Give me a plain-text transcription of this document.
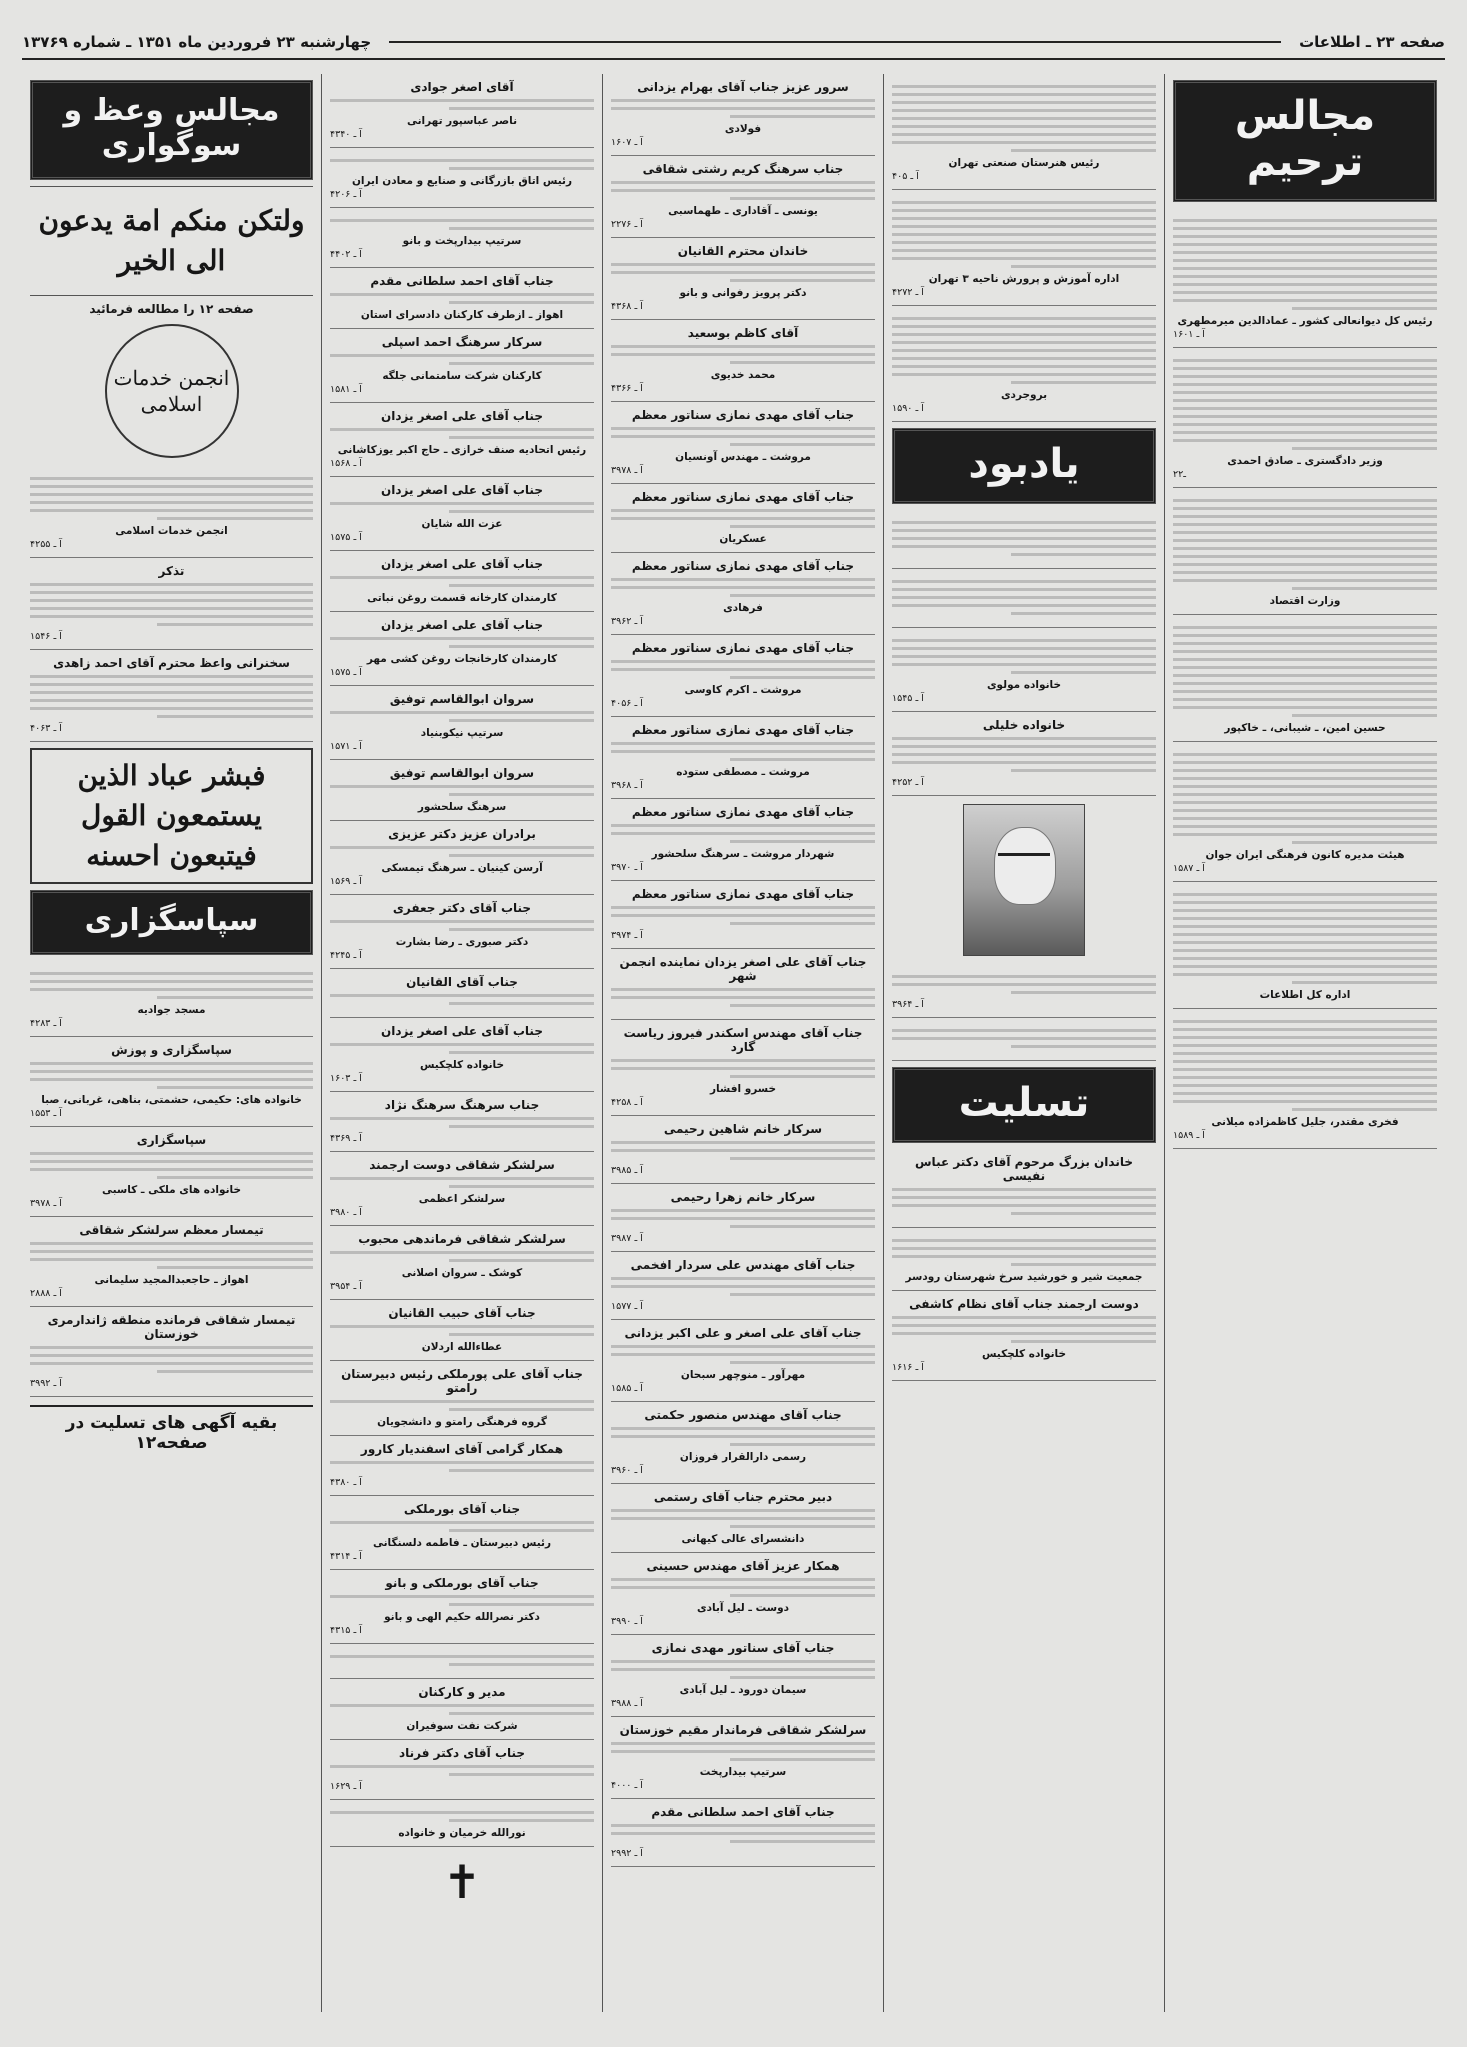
صفحه ۲۳ ـ اطلاعات
چهارشنبه ۲۳ فروردین ماه ۱۳۵۱ ـ شماره ۱۳۷۶۹
مجالس ترحیم
رئیس کل دیوانعالی کشور ـ عمادالدین میرمطهری
آ ـ ۱۶۰۱
وزیر دادگستری ـ صادق احمدی
۲ـ۲
وزارت اقتصاد
حسین امین، ـ شیبانی، ـ خاکپور
هیئت مدیره کانون فرهنگی ایران جوان
آ ـ ۱۵۸۷
اداره کل اطلاعات
فخری مقتدر، جلیل کاظمزاده میلانی
آ ـ ۱۵۸۹
رئیس هنرستان صنعتی تهران
آ ـ ۴۰۵
اداره آموزش و پرورش ناحیه ۳ تهران
آ ـ ۴۲۷۲
بروجردی
آ ـ ۱۵۹۰
یادبود
خانواده مولوی
آ ـ ۱۵۴۵
خانواده خلیلی
آ ـ ۴۲۵۲
آ ـ ۳۹۶۴
تسلیت
خاندان بزرگ مرحوم آقای دکتر عباس نفیسی
جمعیت شیر و خورشید سرخ شهرستان رودسر
دوست ارجمند جناب آقای نظام کاشفی
خانواده کلچکیس
آ ـ ۱۶۱۶
سرور عزیز جناب آقای بهرام یزدانی
فولادی
آ ـ ۱۶۰۷
جناب سرهنگ کریم رشتی شقاقی
یونسی ـ آقاداری ـ طهماسبی
آ ـ ۲۲۷۶
خاندان محترم القانیان
دکتر پرویز رفوانی و بانو
آ ـ ۴۳۶۸
آقای کاظم بوسعید
محمد خدیوی
آ ـ ۴۳۶۶
جناب آقای مهدی نمازی سناتور معظم
مروشت ـ مهندس آونسیان
آ ـ ۳۹۷۸
جناب آقای مهدی نمازی سناتور معظم
عسکریان
جناب آقای مهدی نمازی سناتور معظم
فرهادی
آ ـ ۳۹۶۲
جناب آقای مهدی نمازی سناتور معظم
مروشت ـ اکرم کاوسی
آ ـ ۴۰۵۶
جناب آقای مهدی نمازی سناتور معظم
مروشت ـ مصطفی ستوده
آ ـ ۳۹۶۸
جناب آقای مهدی نمازی سناتور معظم
شهردار مروشت ـ سرهنگ سلحشور
آ ـ ۳۹۷۰
جناب آقای مهدی نمازی سناتور معظم
آ ـ ۳۹۷۴
جناب آقای علی اصغر یزدان نماینده انجمن شهر
جناب آقای مهندس اسکندر فیروز ریاست گارد
خسرو افشار
آ ـ ۴۲۵۸
سرکار خانم شاهین رحیمی
آ ـ ۳۹۸۵
سرکار خانم زهرا رحیمی
آ ـ ۳۹۸۷
جناب آقای مهندس علی سردار افخمی
آ ـ ۱۵۷۷
جناب آقای علی اصغر و علی اکبر یزدانی
مهرآور ـ منوچهر سبحان
آ ـ ۱۵۸۵
جناب آقای مهندس منصور حکمتی
رسمی دارالقرار فروزان
آ ـ ۳۹۶۰
دبیر محترم جناب آقای رستمی
دانشسرای عالی کیهانی
همکار عزیز آقای مهندس حسینی
دوست ـ لیل آبادی
آ ـ ۳۹۹۰
جناب آقای سناتور مهدی نمازی
سیمان دورود ـ لیل آبادی
آ ـ ۳۹۸۸
سرلشکر شقاقی فرماندار مقیم خوزستان
سرتیپ بیدارپخت
آ ـ ۴۰۰۰
جناب آقای احمد سلطانی مقدم
آ ـ ۲۹۹۲
آقای اصغر جوادی
ناصر عباسپور تهرانی
آ ـ ۴۳۴۰
رئیس اتاق بازرگانی و صنایع و معادن ایران
آ ـ ۴۲۰۶
سرتیپ بیدارپخت و بانو
آ ـ ۴۴۰۲
جناب آقای احمد سلطانی مقدم
اهواز ـ ازطرف کارکنان دادسرای استان
سرکار سرهنگ احمد اسپلی
کارکنان شرکت سامتمانی جلگه
آ ـ ۱۵۸۱
جناب آقای علی اصغر یزدان
رئیس اتحادیه صنف خرازی ـ حاج اکبر یوزکاشانی
آ ـ ۱۵۶۸
جناب آقای علی اصغر یزدان
عزت الله شایان
آ ـ ۱۵۷۵
جناب آقای علی اصغر یزدان
کارمندان کارخانه قسمت روغن نباتی
جناب آقای علی اصغر یزدان
کارمندان کارخانجات روغن کشی مهر
آ ـ ۱۵۷۵
سروان ابوالقاسم توفیق
سرتیپ نیکوبنیاد
آ ـ ۱۵۷۱
سروان ابوالقاسم توفیق
سرهنگ سلحشور
برادران عزیز دکتر عزیزی
آرسن کینیان ـ سرهنگ تیمسکی
آ ـ ۱۵۶۹
جناب آقای دکتر جعفری
دکتر صبوری ـ رضا بشارت
آ ـ ۴۲۴۵
جناب آقای القانیان
جناب آقای علی اصغر یزدان
خانواده کلچکیس
آ ـ ۱۶۰۳
جناب سرهنگ سرهنگ نژاد
آ ـ ۴۳۶۹
سرلشکر شقاقی دوست ارجمند
سرلشکر اعظمی
آ ـ ۳۹۸۰
سرلشکر شقاقی فرماندهی محبوب
کوشک ـ سروان اصلانی
آ ـ ۳۹۵۴
جناب آقای حبیب القانیان
عطاءالله اردلان
جناب آقای علی پورملکی رئیس دبیرستان رامتو
گروه فرهنگی رامتو و دانشجویان
همکار گرامی آقای اسفندیار کارور
آ ـ ۴۳۸۰
جناب آقای بورملکی
رئیس دبیرستان ـ فاطمه دلسنگانی
آ ـ ۴۳۱۴
جناب آقای بورملکی و بانو
دکتر نصرالله حکیم الهی و بانو
آ ـ ۴۳۱۵
مدیر و کارکنان
شرکت نفت سوفیران
جناب آقای دکتر فرناد
آ ـ ۱۶۲۹
نورالله خرمیان و خانواده
✝
مجالس وعظ و سوگواری
ولتکن منکم امة یدعون الی الخیر
صفحه ۱۲ را مطالعه فرمائید
انجمن خدمات اسلامی
انجمن خدمات اسلامی
آ ـ ۴۲۵۵
تذکر
آ ـ ۱۵۴۶
سخنرانی واعظ محترم آقای احمد زاهدی
آ ـ ۴۰۶۳
فبشر عباد الذین یستمعون القول فیتبعون احسنه
سپاسگزاری
مسجد جوادیه
آ ـ ۴۲۸۳
سپاسگزاری و پوزش
خانواده های: حکیمی، حشمتی، بناهی، غربانی، صبا
آ ـ ۱۵۵۳
سپاسگزاری
خانواده های ملکی ـ کاسبی
آ ـ ۳۹۷۸
تیمسار معظم سرلشکر شقاقی
اهواز ـ حاجعبدالمجید سلیمانی
آ ـ ۲۸۸۸
تیمسار شقاقی فرمانده منطقه ژاندارمری خوزستان
آ ـ ۳۹۹۲
بقیه آگهی های تسلیت در صفحه۱۲
